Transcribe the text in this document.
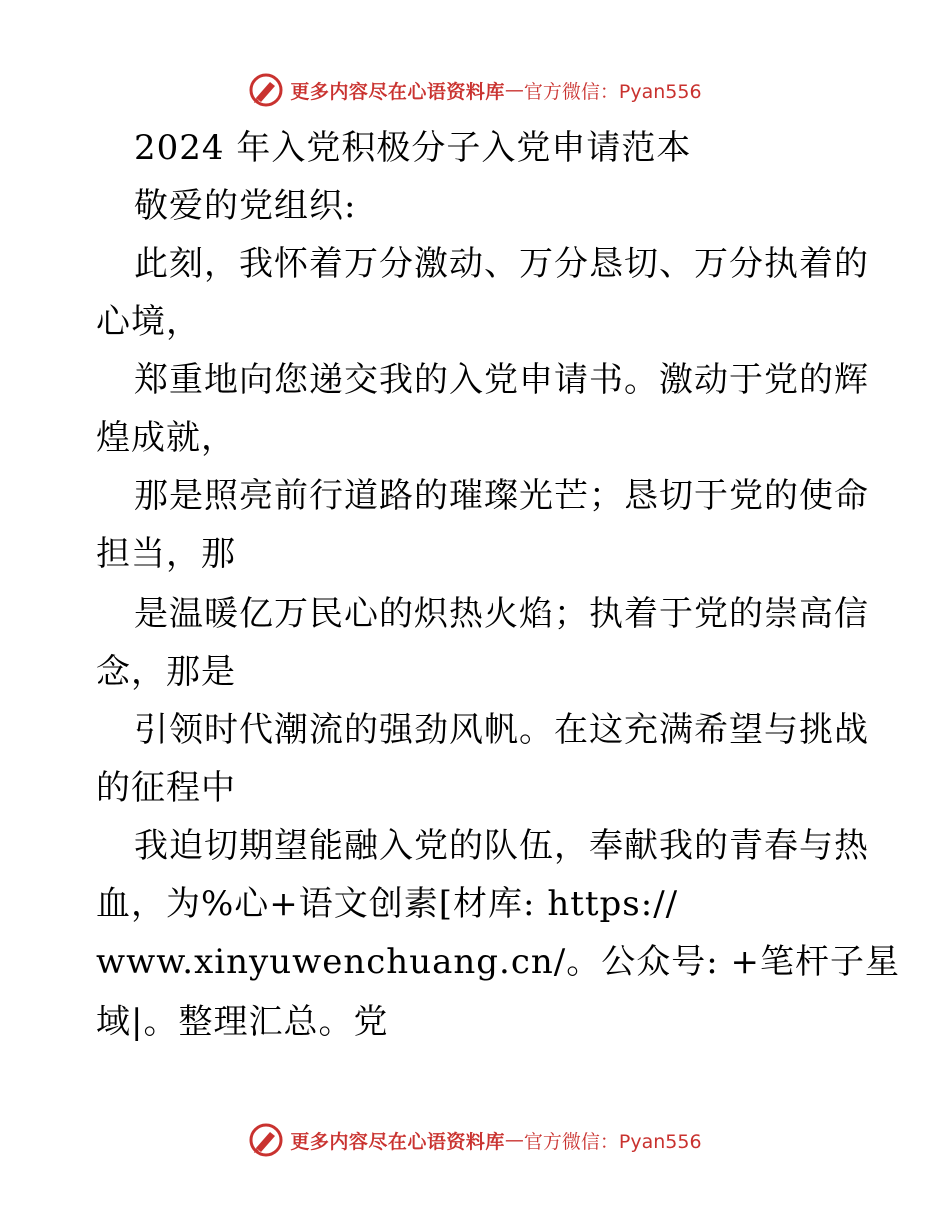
更多内容尽在心语资料库 — 官方微信：Pyan556
2024 年入党积极分子入党申请范本
敬爱的党组织:
此刻，我怀着万分激动、万分恳切、万分执着的
心境，
郑重地向您递交我的入党申请书。激动于党的辉
煌成就，
那是照亮前行道路的璀璨光芒；恳切于党的使命
担当，那
是温暖亿万民心的炽热火焰；执着于党的崇高信
念，那是
引领时代潮流的强劲风帆。在这充满希望与挑战
的征程中
我迫切期望能融入党的队伍，奉献我的青春与热
血，为%心+语文创素[材库: https://
www.xinyuwenchuang.cn/。公众号: +笔杆子星
域|。整理汇总。党
更多内容尽在心语资料库 — 官方微信：Pyan556
